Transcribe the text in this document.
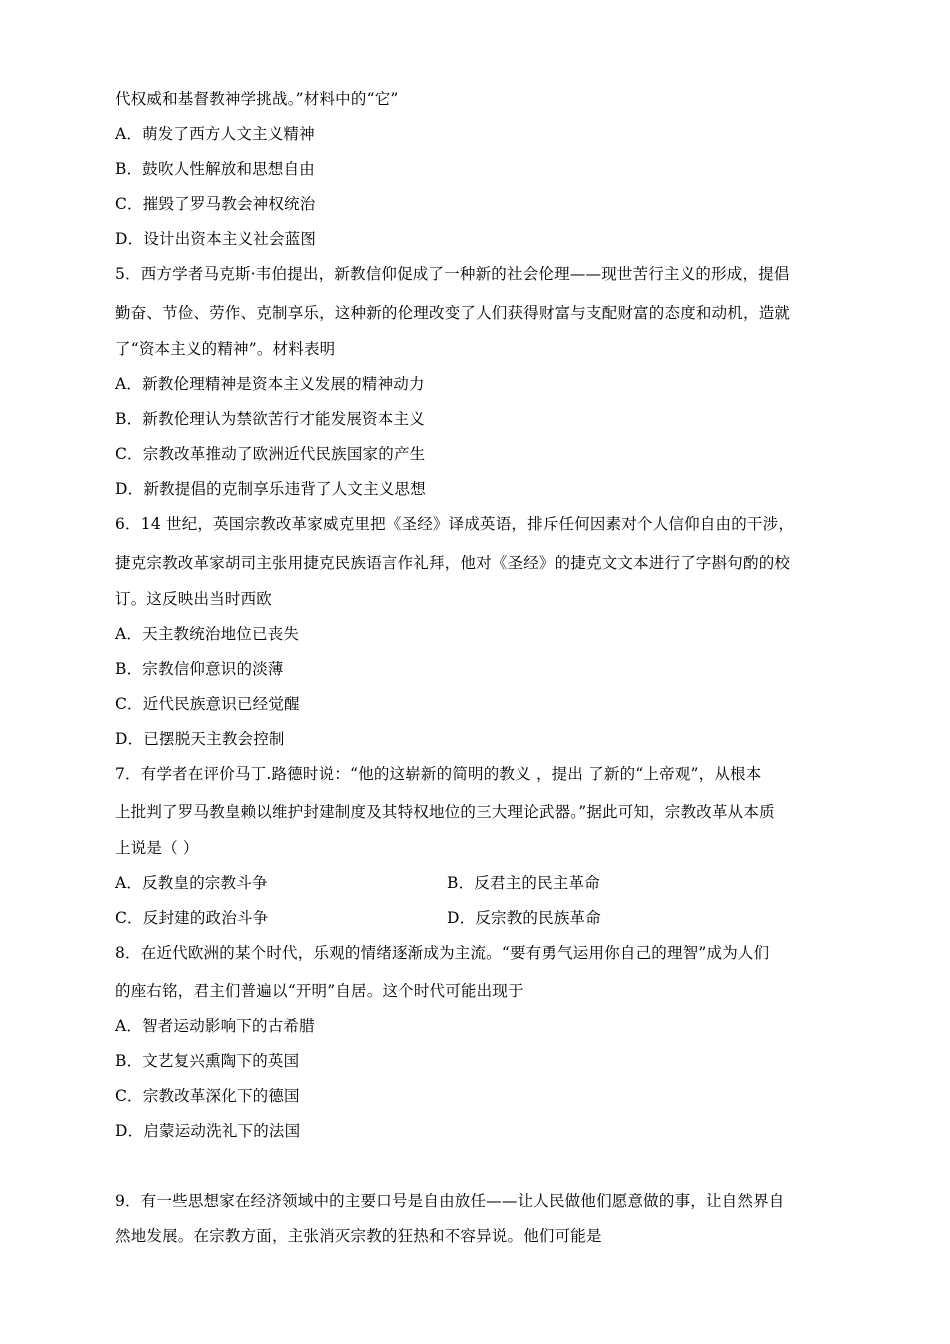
代权威和基督教神学挑战。”材料中的“它”
A．萌发了西方人文主义精神
B．鼓吹人性解放和思想自由
C．摧毁了罗马教会神权统治
D．设计出资本主义社会蓝图
5．西方学者马克斯·韦伯提出，新教信仰促成了一种新的社会伦理——现世苦行主义的形成，提倡
勤奋、节俭、劳作、克制享乐，这种新的伦理改变了人们获得财富与支配财富的态度和动机，造就
了“资本主义的精神”。材料表明
A．新教伦理精神是资本主义发展的精神动力
B．新教伦理认为禁欲苦行才能发展资本主义
C．宗教改革推动了欧洲近代民族国家的产生
D．新教提倡的克制享乐违背了人文主义思想
6．14 世纪，英国宗教改革家威克里把《圣经》译成英语，排斥任何因素对个人信仰自由的干涉，
捷克宗教改革家胡司主张用捷克民族语言作礼拜，他对《圣经》的捷克文文本进行了字斟句酌的校
订。这反映出当时西欧
A．天主教统治地位已丧失
B．宗教信仰意识的淡薄
C．近代民族意识已经觉醒
D．已摆脱天主教会控制
7．有学者在评价马丁.路德时说：“他的这崭新的简明的教义 ，提出 了新的“上帝观”，从根本
上批判了罗马教皇赖以维护封建制度及其特权地位的三大理论武器。”据此可知，宗教改革从本质
上说是（ ）
A．反教皇的宗教斗争	B．反君主的民主革命
C．反封建的政治斗争	D．反宗教的民族革命
8．在近代欧洲的某个时代，乐观的情绪逐渐成为主流。“要有勇气运用你自己的理智”成为人们
的座右铭，君主们普遍以“开明”自居。这个时代可能出现于
A．智者运动影响下的古希腊
B．文艺复兴熏陶下的英国
C．宗教改革深化下的德国
D．启蒙运动洗礼下的法国
9．有一些思想家在经济领域中的主要口号是自由放任——让人民做他们愿意做的事，让自然界自
然地发展。在宗教方面，主张消灭宗教的狂热和不容异说。他们可能是
